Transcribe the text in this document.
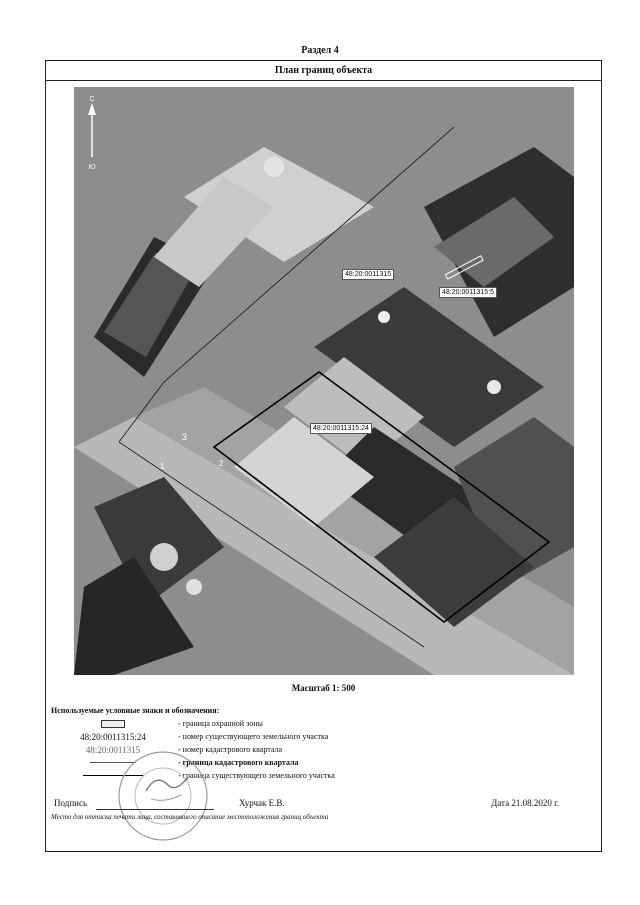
Раздел 4
План границ объекта
С
Ю
48:20:0011315
48:20:0011315:5
48:20:0011315:24
3
1	2
Масштаб 1: 500
Используемые условные знаки и обозначения:
- граница охранной зоны
48:20:0011315:24	- номер существующего земельного участка
48:20:0011315	- номер кадастрового квартала
- граница кадастрового квартала
- граница существующего земельного участка
Подпись	Хурчак Е.В.	Дата 21.08.2020 г.
Место для оттиска печати лица, составившего описание местоположения границ объекта
